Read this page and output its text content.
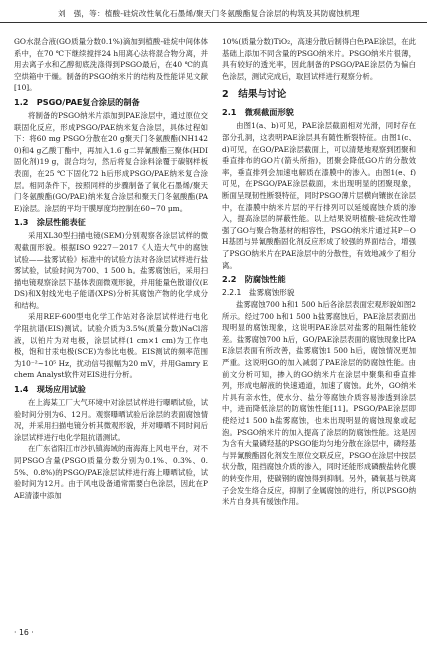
刘　强，等：植酸-硅烷改性氧化石墨烯/聚天门冬氨酸酯复合涂层的构筑及其防腐蚀机理

GO水混合液(GO质量分数0.1%)滴加到植酸-硅烷中间体体系中，在70 ℃下继续搅拌24 h用离心法将混合物分离，并用去离子水和乙醇彻底洗涤得到PSGO最后，在40 ℃的真空烘箱中干燥。制备的PSGO纳米片的结构及性能详见文献[10]。

1.2　PSGO/PAE复合涂层的制备

将制备的PSGO纳米片添加到PAE涂层中，通过原位交联固化反应，形成PSGO/PAE纳米复合涂层，具体过程如下：将60 mg PSGO分散在20 g聚天门冬氨酸酯(NH1420)和4 g乙酸丁酯中，再加入1.6 g二异氰酸酯三聚体(HDI固化剂)19 g，混合均匀，然后将复合涂料涂覆于碳钢样板表面，在25 ℃下固化72 h后形成PSGO/PAE纳米复合涂层。相同条件下，按照同样的步骤制备了氧化石墨烯/聚天门冬氨酸酯(GO/PAE)纳米复合涂层和聚天门冬氨酸酯(PAE)涂层。涂层的平均干膜厚度均控制在60~70 μm。

1.3　涂层性能表征

采用XL30型扫描电镜(SEM)分别观察各涂层试样的微观截面形貌。根据ISO 9227－2017《人造大气中的腐蚀试验——盐雾试验》标准中的试验方法对各涂层试样进行盐雾试验，试验时间为700、1 500 h。盐雾腐蚀后，采用扫描电镜观察涂层下基体表面微观形貌，并用能量色散谱仪(EDS)和X射线光电子能谱(XPS)分析其腐蚀产物的化学成分和结构。

采用REF-600型电化学工作站对各涂层试样进行电化学阻抗谱(EIS)测试。试验介质为3.5%(质量分数)NaCl溶液，以铂片为对电极，涂层试样(1 cm×1 cm)为工作电极，饱和甘汞电极(SCE)为参比电极。EIS测试的频率范围为10⁻²~10⁵ Hz，扰动信号振幅为20 mV，并用Gamry Echem Analyst软件对EIS进行分析。

1.4　现场应用试验

在上海某工厂大气环境中对涂层试样进行曝晒试验，试验时间分别为6、12月。观察曝晒试验后涂层的表面腐蚀情况，并采用扫描电镜分析其微观形貌，并对曝晒不同时间后涂层试样进行电化学阻抗谱测试。

在广东省阳江市沙扒镇海域的南海海上风电平台，对不同PSGO含量(PSGO质量分数分别为0.1%、0.3%、0.5%、0.8%)的PSGO/PAE涂层试样进行海上曝晒试验，试验时间为12月。由于风电设备通常需要白色涂层，因此在PAE清漆中添加

10%(质量分数)TiO₂，高速分散后制得白色PAE涂层，在此基础上添加不同含量的PSGO纳米片。PSGO纳米片很薄，具有较好的透光率，因此制备的PSGO/PAE涂层仍为偏白色涂层，测试完成后，取回试样进行观察分析。

2　结果与讨论
2.1　微观截面形貌

由图1(a、b)可见，PAE涂层截面相对光滑，同时存在部分孔洞，这表明PAE涂层具有随性断裂特征。由图1(c、d)可见，在GO/PAE涂层截面上，可以清楚地观察到团聚和垂直排布的GO片(箭头所指)，团聚会降低GO片的分散效率，垂直排列会加速电解质在漆膜中的渗入。由图1(e、f)可见，在PSGO/PAE涂层截面，未出现明显的团聚现象，断面呈现韧性断裂特征，同时PSGO薄片层横向镶嵌在涂层中，在漆膜中纳米片层的平行排列可以延缓腐蚀介质的渗入，提高涂层的屏蔽性能。以上结果说明植酸-硅烷改性增强了GO与聚合物基材的相容性，PSGO纳米片通过其P－OH基团与异氰酸酯固化剂反应形成了较强的界面结合，增强了PSGO纳米片在PAE涂层中的分散性，有效地减少了相分离。

2.2　防腐蚀性能
2.2.1　盐雾腐蚀形貌

盐雾腐蚀700 h和1 500 h后各涂层表面宏观形貌如图2所示。经过700 h和1 500 h盐雾腐蚀后，PAE涂层表面出现明显的腐蚀现象，这说明PAE涂层对盐雾的阻隔性能较差。盐雾腐蚀700 h后，GO/PAE涂层表面的腐蚀现象比PAE涂层表面有所改善，盐雾腐蚀1 500 h后，腐蚀情况更加严重。这说明GO的加入减弱了PAE涂层的防腐蚀性能。由前文分析可知，掺入的GO纳米片在涂层中聚集和垂直排列，形成电解液的快速通道，加速了腐蚀。此外，GO纳米片具有亲水性，使水分、盐分等腐蚀介质容易渗透到涂层中，进而降低涂层的防腐蚀性能[11]。PSGO/PAE涂层即使经过1 500 h盐雾腐蚀，也未出现明显的腐蚀现象或起泡。PSGO纳米片的加入提高了涂层的防腐蚀性能。这是因为含有大量磷羟基的PSGO能均匀地分散在涂层中，磷羟基与异氰酸酯固化剂发生原位交联反应，PSGO在涂层中按层状分散，阻挡腐蚀介质的渗入，同时还能形成磷酸盐转化膜的转变作用，使碳钢的腐蚀得到抑制。另外，磷氧基与铁离子会发生络合反应，抑制了金属腐蚀的进行，所以PSGO纳米片自身具有缓蚀作用。

· 16 ·
